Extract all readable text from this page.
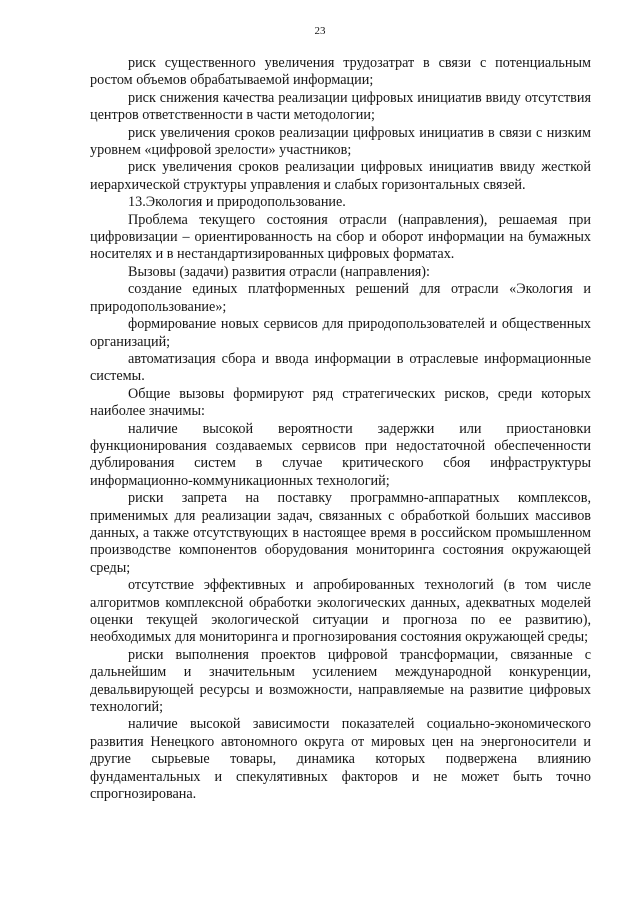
23

риск существенного увеличения трудозатрат в связи с потенциальным ростом объемов обрабатываемой информации;

риск снижения качества реализации цифровых инициатив ввиду отсутствия центров ответственности в части методологии;

риск увеличения сроков реализации цифровых инициатив в связи с низким уровнем «цифровой зрелости» участников;

риск увеличения сроков реализации цифровых инициатив ввиду жесткой иерархической структуры управления и слабых горизонтальных связей.

13.Экология и природопользование.

Проблема текущего состояния отрасли (направления), решаемая при цифровизации – ориентированность на сбор и оборот информации на бумажных носителях и в нестандартизированных цифровых форматах.

Вызовы (задачи) развития отрасли (направления):

создание единых платформенных решений для отрасли «Экология и природопользование»;

формирование новых сервисов для природопользователей и общественных организаций;

автоматизация сбора и ввода информации в отраслевые информационные системы.

Общие вызовы формируют ряд стратегических рисков, среди которых наиболее значимы:

наличие высокой вероятности задержки или приостановки функционирования создаваемых сервисов при недостаточной обеспеченности дублирования систем в случае критического сбоя инфраструктуры информационно-коммуникационных технологий;

риски запрета на поставку программно-аппаратных комплексов, применимых для реализации задач, связанных с обработкой больших массивов данных, а также отсутствующих в настоящее время в российском промышленном производстве компонентов оборудования мониторинга состояния окружающей среды;

отсутствие эффективных и апробированных технологий (в том числе алгоритмов комплексной обработки экологических данных, адекватных моделей оценки текущей экологической ситуации и прогноза по ее развитию), необходимых для мониторинга и прогнозирования состояния окружающей среды;

риски выполнения проектов цифровой трансформации, связанные с дальнейшим и значительным усилением международной конкуренции, девальвирующей ресурсы и возможности, направляемые на развитие цифровых технологий;

наличие высокой зависимости показателей социально-экономического развития Ненецкого автономного округа от мировых цен на энергоносители и другие сырьевые товары, динамика которых подвержена влиянию фундаментальных и спекулятивных факторов и не может быть точно спрогнозирована.
